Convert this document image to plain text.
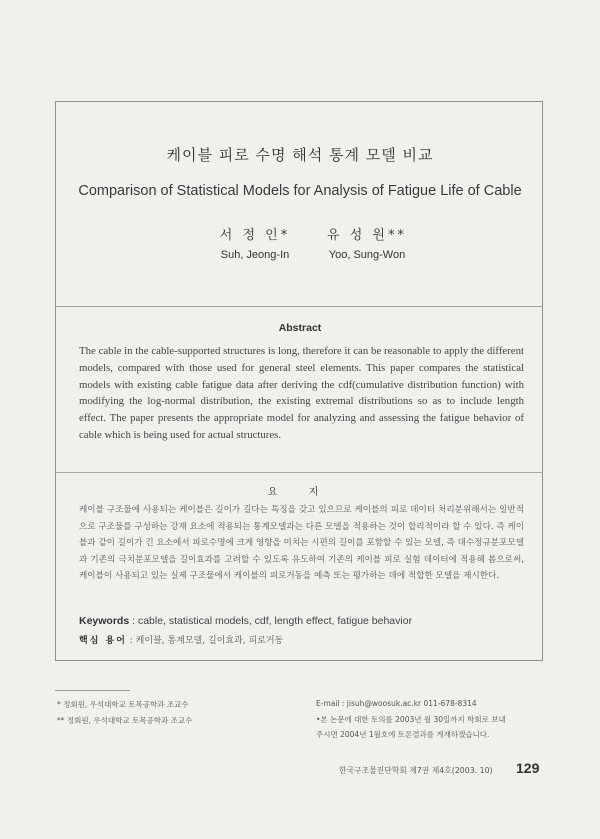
케이블 피로 수명 해석 통계 모델 비교
Comparison of Statistical Models for Analysis of Fatigue Life of Cable
서 정 인*
Suh, Jeong-In
유 성 원**
Yoo, Sung-Won
Abstract
The cable in the cable-supported structures is long, therefore it can be reasonable to apply the different models, compared with those used for general steel elements. This paper compares the statistical models with existing cable fatigue data after deriving the cdf(cumulative distribution function) with modifying the log-normal distribution, the existing extremal distributions so as to include length effect. The paper presents the appropriate model for analyzing and assessing the fatigue behavior of cable which is being used for actual structures.
요 지
케이블 구조물에 사용되는 케이블은 길이가 길다는 특징을 갖고 있으므로 케이블의 피로 데이터 처리분위해서는 일반적으로 구조물를 구성하는 강재 요소에 적용되는 통계모델과는 다른 모델을 적용하는 것이 합리적이라 할 수 있다. 즉 케이블과 같이 길이가 긴 요소에서 피로수명에 크게 영향을 미치는 시편의 길이를 포함할 수 있는 모델, 즉 대수정규분포모델과 기존의 극치분포모델을 길이효과를 고려할 수 있도록 유도하여 기존의 케이블 피로 실험 데이터에 적용해 봄으로써, 케이블이 사용되고 있는 실제 구조물에서 케이블의 피로거동을 예측 또는 평가하는 데에 적합한 모델을 제시한다.
Keywords : cable, statistical models, cdf, length effect, fatigue behavior
핵심 용어 : 케이블, 통계모델, 길이효과, 피로거동
* 정회원, 우석대학교 토목공학과 조교수
** 정회원, 우석대학교 토목공학과 조교수
E-mail : jisuh@woosuk.ac.kr 011-678-8314
•본 논문에 대한 토의를 2003년 월 30일까지 학회로 보내
주시면 2004년 1월호에 토론결과를 게재하겠습니다.
한국구조물진단학회 제7권 제4호(2003. 10) 129
